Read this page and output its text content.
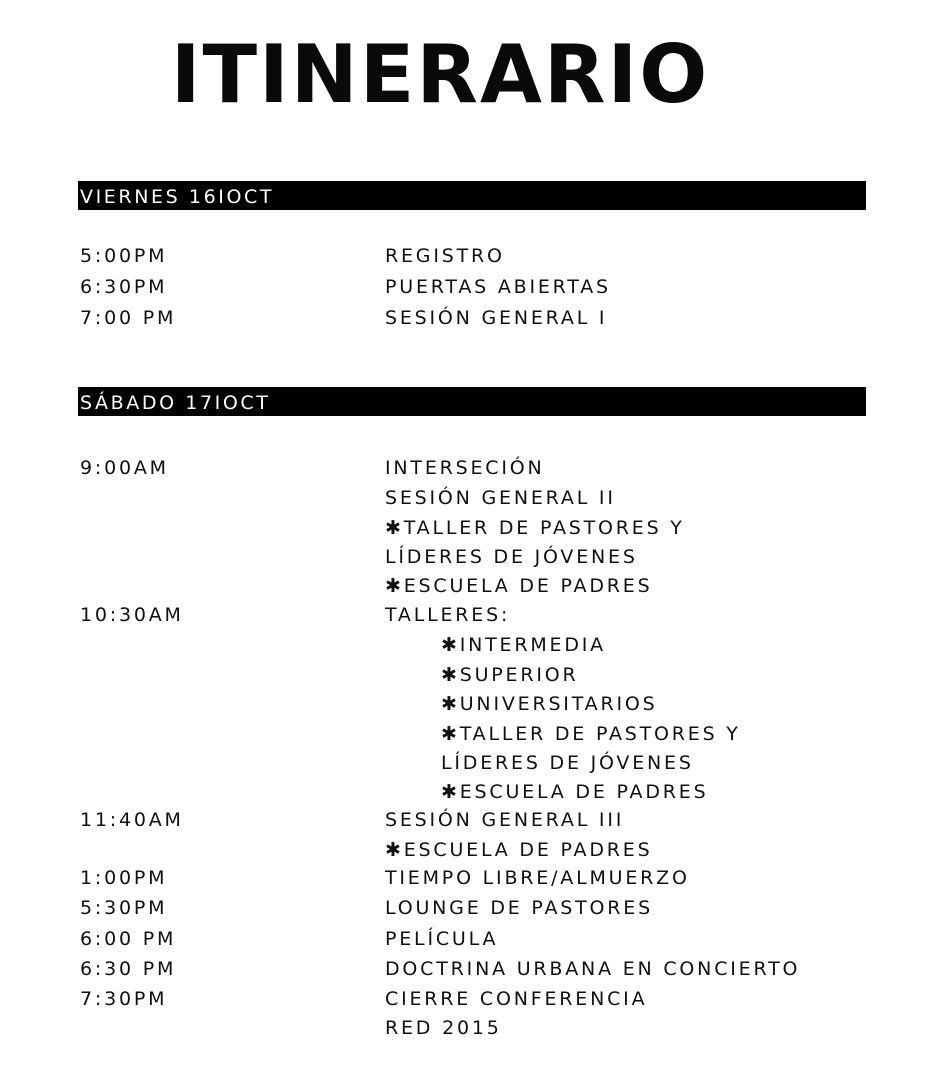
ITINERARIO
VIERNES 16IOCT
5:00PM	REGISTRO
6:30PM	PUERTAS ABIERTAS
7:00 PM	SESIÓN GENERAL I
SÁBADO 17IOCT
9:00AM	INTERSECIÓN
SESIÓN GENERAL II
✱TALLER DE PASTORES Y
LÍDERES DE JÓVENES
✱ESCUELA DE PADRES
10:30AM	TALLERES:
✱INTERMEDIA
✱SUPERIOR
✱UNIVERSITARIOS
✱TALLER DE PASTORES Y
LÍDERES DE JÓVENES
✱ESCUELA DE PADRES
11:40AM	SESIÓN GENERAL III
✱ESCUELA DE PADRES
1:00PM	TIEMPO LIBRE/ALMUERZO
5:30PM	LOUNGE DE PASTORES
6:00 PM	PELÍCULA
6:30 PM	DOCTRINA URBANA EN CONCIERTO
7:30PM	CIERRE CONFERENCIA
RED 2015
